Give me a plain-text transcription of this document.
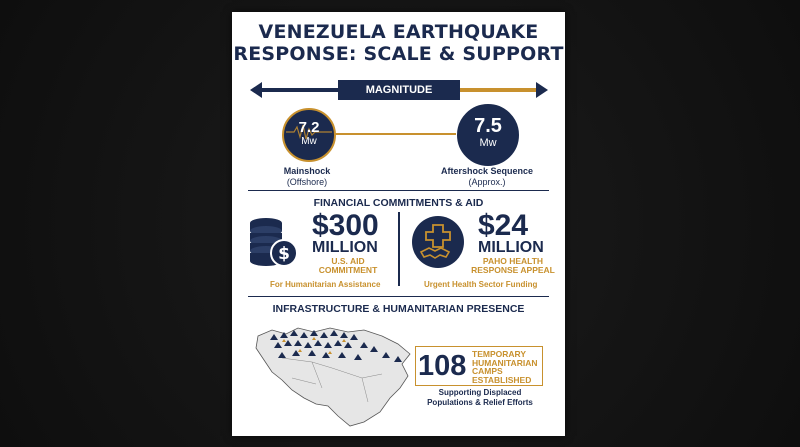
VENEZUELA EARTHQUAKE
RESPONSE: SCALE & SUPPORT
MAGNITUDE
7.2
Mw
7.5
Mw
Mainshock
(Offshore)
Aftershock Sequence
(Approx.)
FINANCIAL COMMITMENTS & AID
$
$300
MILLION
U.S. AID COMMITMENT
For Humanitarian Assistance
$24
MILLION
PAHO HEALTH RESPONSE APPEAL
Urgent Health Sector Funding
INFRASTRUCTURE & HUMANITARIAN PRESENCE
108 TEMPORARY HUMANITARIAN CAMPS ESTABLISHED
Supporting Displaced Populations & Relief Efforts
